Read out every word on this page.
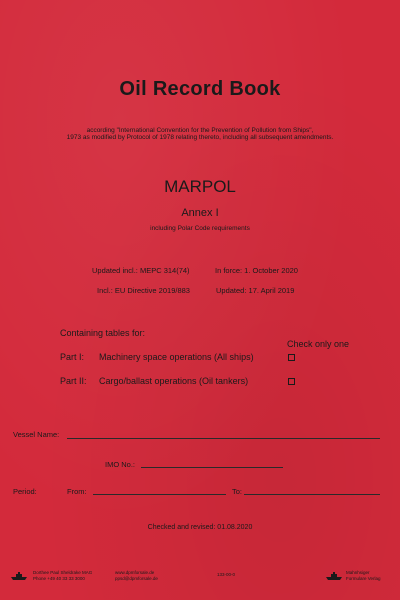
Oil Record Book
according "International Convention for the Prevention of Pollution from Ships",
1973 as modified by Protocol of 1978 relating thereto, including all subsequent amendments.
MARPOL
Annex I
including Polar Code requirements
Updated incl.: MEPC 314(74)	In force: 1. October 2020
Incl.: EU Directive 2019/883	Updated: 17. April 2019
Containing tables for:
Check only one
Part I: Machinery space operations (All ships)
Part II: Cargo/ballast operations (Oil tankers)
Vessel Name:
IMO No.:
Period:	From:	To:
Checked and revised: 01.08.2020
Dorthee Paul Sheldrake MAG
Phone +49 40 33 33 3000
www.dpmforsale.de
ppsd@dpmforsale.de
133-00-0	Mahnhsiger
Formulare Verlag
